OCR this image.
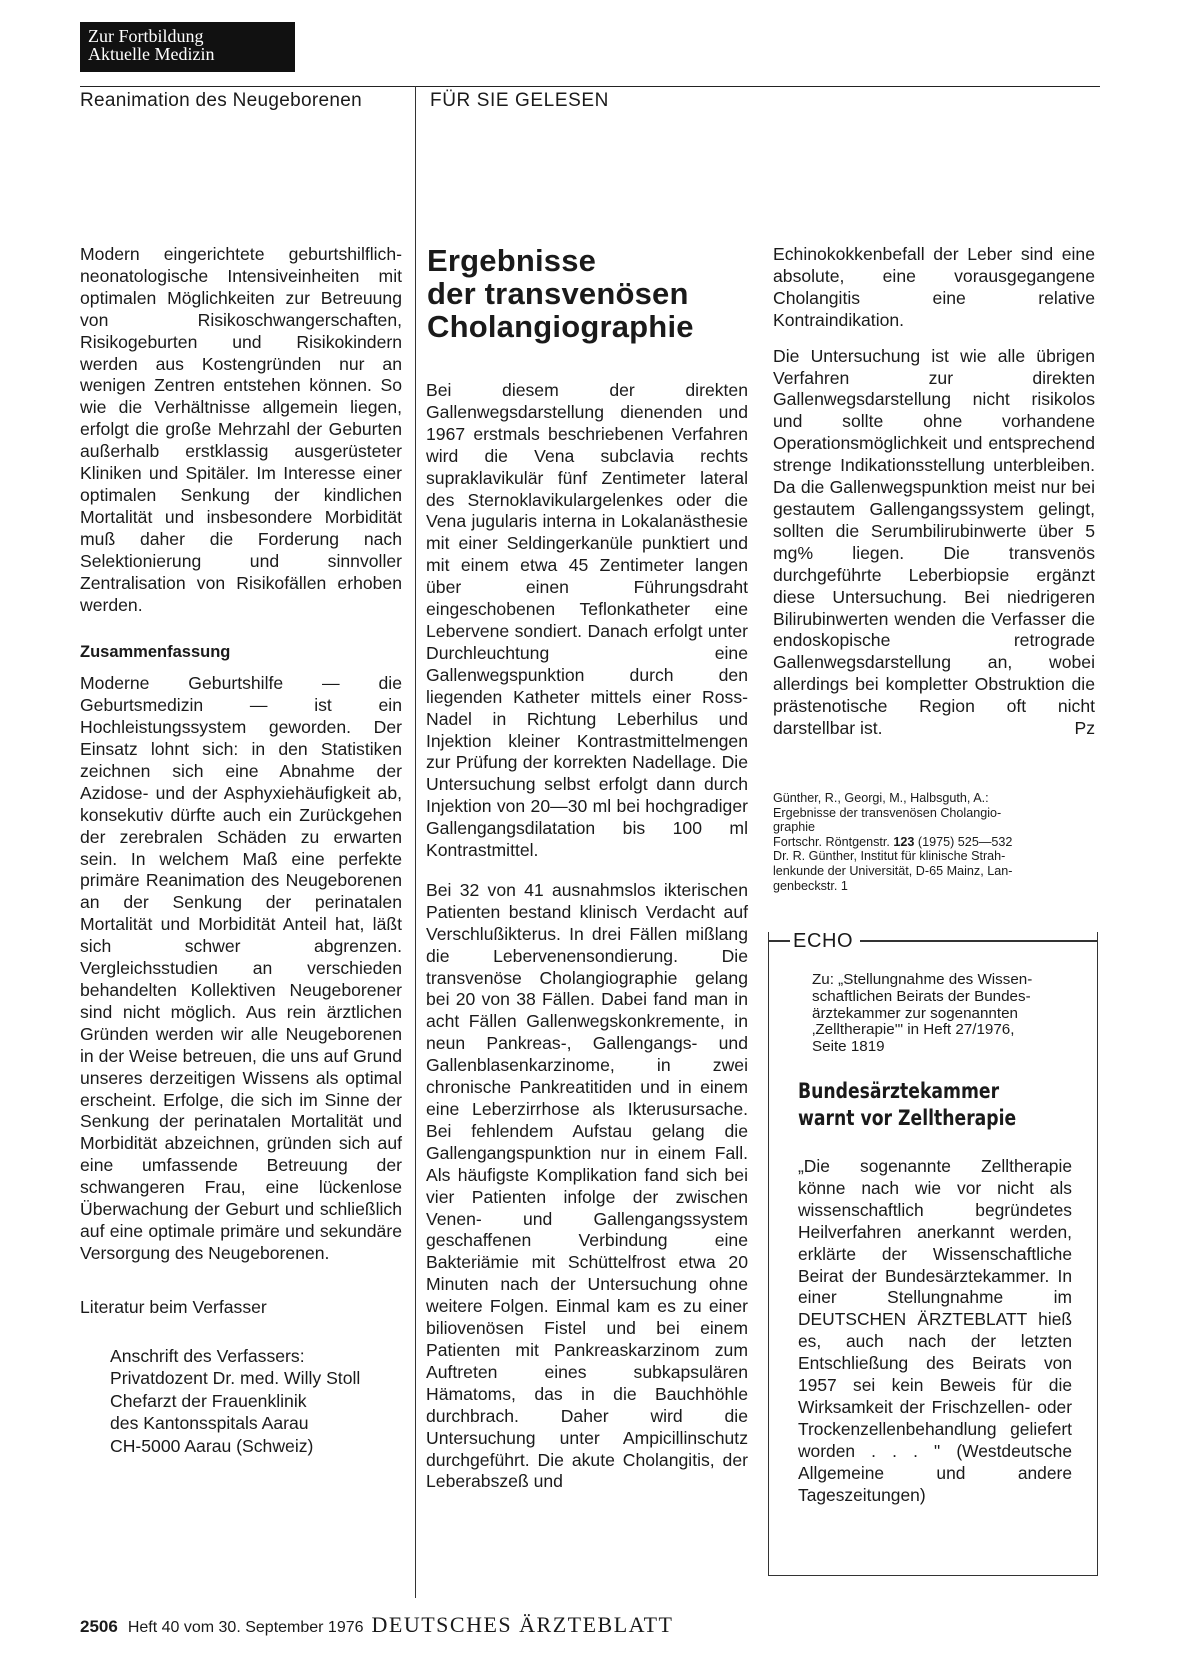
Zur Fortbildung
Aktuelle Medizin
Reanimation des Neugeborenen	FÜR SIE GELESEN

Modern eingerichtete geburtshilflich-neonatologische Intensiveinheiten mit optimalen Möglichkeiten zur Betreuung von Risikoschwangerschaften, Risikogeburten und Risikokindern werden aus Kostengründen nur an wenigen Zentren entstehen können. So wie die Verhältnisse allgemein liegen, erfolgt die große Mehrzahl der Geburten außerhalb erstklassig ausgerüsteter Kliniken und Spitäler. Im Interesse einer optimalen Senkung der kindlichen Mortalität und insbesondere Morbidität muß daher die Forderung nach Selektionierung und sinnvoller Zentralisation von Risikofällen erhoben werden.

Zusammenfassung

Moderne Geburtshilfe — die Geburtsmedizin — ist ein Hochleistungssystem geworden. Der Einsatz lohnt sich: in den Statistiken zeichnen sich eine Abnahme der Azidose- und der Asphyxiehäufigkeit ab, konsekutiv dürfte auch ein Zurückgehen der zerebralen Schäden zu erwarten sein. In welchem Maß eine perfekte primäre Reanimation des Neugeborenen an der Senkung der perinatalen Mortalität und Morbidität Anteil hat, läßt sich schwer abgrenzen. Vergleichsstudien an verschieden behandelten Kollektiven Neugeborener sind nicht möglich. Aus rein ärztlichen Gründen werden wir alle Neugeborenen in der Weise betreuen, die uns auf Grund unseres derzeitigen Wissens als optimal erscheint. Erfolge, die sich im Sinne der Senkung der perinatalen Mortalität und Morbidität abzeichnen, gründen sich auf eine umfassende Betreuung der schwangeren Frau, eine lückenlose Überwachung der Geburt und schließlich auf eine optimale primäre und sekundäre Versorgung des Neugeborenen.

Literatur beim Verfasser

Anschrift des Verfassers:
Privatdozent Dr. med. Willy Stoll
Chefarzt der Frauenklinik
des Kantonsspitals Aarau
CH-5000 Aarau (Schweiz)

Ergebnisse
der transvenösen
Cholangiographie

Bei diesem der direkten Gallenwegsdarstellung dienenden und 1967 erstmals beschriebenen Verfahren wird die Vena subclavia rechts supraklavikulär fünf Zentimeter lateral des Sternoklavikulargelenkes oder die Vena jugularis interna in Lokalanästhesie mit einer Seldingerkanüle punktiert und mit einem etwa 45 Zentimeter langen über einen Führungsdraht eingeschobenen Teflonkatheter eine Lebervene sondiert. Danach erfolgt unter Durchleuchtung eine Gallenwegspunktion durch den liegenden Katheter mittels einer Ross-Nadel in Richtung Leberhilus und Injektion kleiner Kontrastmittelmengen zur Prüfung der korrekten Nadellage. Die Untersuchung selbst erfolgt dann durch Injektion von 20—30 ml bei hochgradiger Gallengangsdilatation bis 100 ml Kontrastmittel.

Bei 32 von 41 ausnahmslos ikterischen Patienten bestand klinisch Verdacht auf Verschlußikterus. In drei Fällen mißlang die Lebervenensondierung. Die transvenöse Cholangiographie gelang bei 20 von 38 Fällen. Dabei fand man in acht Fällen Gallenwegskonkremente, in neun Pankreas-, Gallengangs- und Gallenblasenkarzinome, in zwei chronische Pankreatitiden und in einem eine Leberzirrhose als Ikterusursache. Bei fehlendem Aufstau gelang die Gallengangspunktion nur in einem Fall. Als häufigste Komplikation fand sich bei vier Patienten infolge der zwischen Venen- und Gallengangssystem geschaffenen Verbindung eine Bakteriämie mit Schüttelfrost etwa 20 Minuten nach der Untersuchung ohne weitere Folgen. Einmal kam es zu einer biliovenösen Fistel und bei einem Patienten mit Pankreaskarzinom zum Auftreten eines subkapsulären Hämatoms, das in die Bauchhöhle durchbrach. Daher wird die Untersuchung unter Ampicillinschutz durchgeführt. Die akute Cholangitis, der Leberabszeß und

Echinokokkenbefall der Leber sind eine absolute, eine vorausgegangene Cholangitis eine relative Kontraindikation.

Die Untersuchung ist wie alle übrigen Verfahren zur direkten Gallenwegsdarstellung nicht risikolos und sollte ohne vorhandene Operationsmöglichkeit und entsprechend strenge Indikationsstellung unterbleiben. Da die Gallenwegspunktion meist nur bei gestautem Gallengangssystem gelingt, sollten die Serumbilirubinwerte über 5 mg% liegen. Die transvenös durchgeführte Leberbiopsie ergänzt diese Untersuchung. Bei niedrigeren Bilirubinwerten wenden die Verfasser die endoskopische retrograde Gallenwegsdarstellung an, wobei allerdings bei kompletter Obstruktion die prästenotische Region oft nicht darstellbar ist.	Pz

Günther, R., Georgi, M., Halbsguth, A.:
Ergebnisse der transvenösen Cholangio-
graphie
Fortschr. Röntgenstr. 123 (1975) 525—532
Dr. R. Günther, Institut für klinische Strah-
lenkunde der Universität, D-65 Mainz, Lan-
genbeckstr. 1
ECHO
Zu: „Stellungnahme des Wissen-
schaftlichen Beirats der Bundes-
ärztekammer zur sogenannten
‚Zelltherapie'" in Heft 27/1976,
Seite 1819
Bundesärztekammer
warnt vor Zelltherapie
„Die sogenannte Zelltherapie könne nach wie vor nicht als wissenschaftlich begründetes Heilverfahren anerkannt werden, erklärte der Wissenschaftliche Beirat der Bundesärztekammer. In einer Stellungnahme im DEUTSCHEN ÄRZTEBLATT hieß es, auch nach der letzten Entschließung des Beirats von 1957 sei kein Beweis für die Wirksamkeit der Frischzellen- oder Trockenzellenbehandlung geliefert worden . . . " (Westdeutsche Allgemeine und andere Tageszeitungen)
2506 Heft 40 vom 30. September 1976 DEUTSCHES ÄRZTEBLATT
